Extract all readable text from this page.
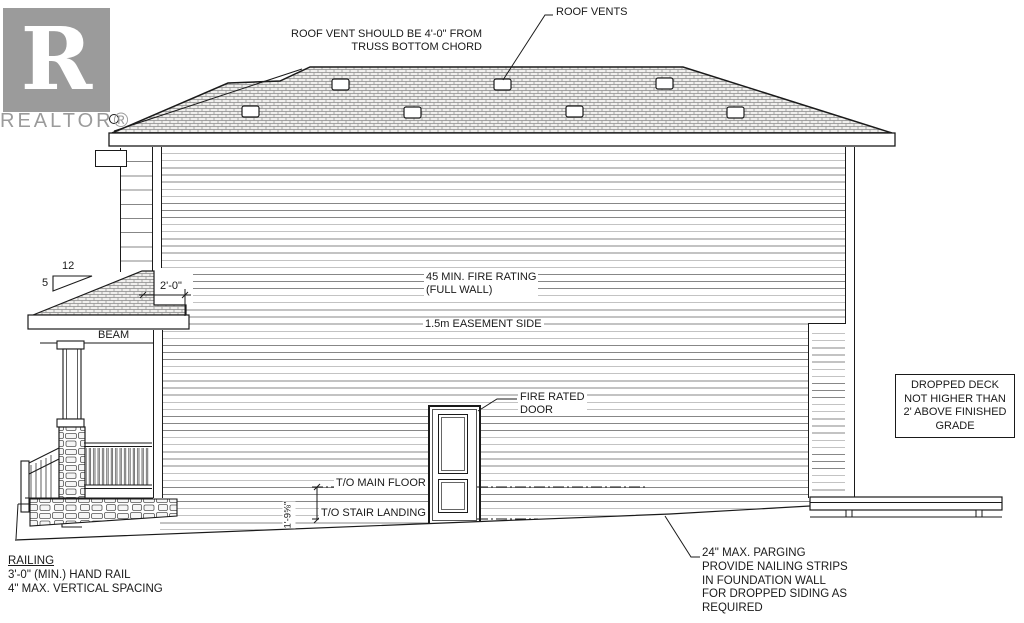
ROOF VENT SHOULD BE 4'-0" FROM
TRUSS BOTTOM CHORD
ROOF VENTS
12
5	2'-0"
BEAM
45 MIN. FIRE RATING
(FULL WALL)
1.5m EASEMENT SIDE
FIRE RATED
DOOR
T/O MAIN FLOOR
T/O STAIR LANDING
1'-9⅝"
DROPPED DECK
NOT HIGHER THAN
2' ABOVE FINISHED
GRADE
24" MAX. PARGING
PROVIDE NAILING STRIPS
IN FOUNDATION WALL
FOR DROPPED SIDING AS
REQUIRED
RAILING
3'-0" (MIN.) HAND RAIL
4" MAX. VERTICAL SPACING
R
REALTOR®
